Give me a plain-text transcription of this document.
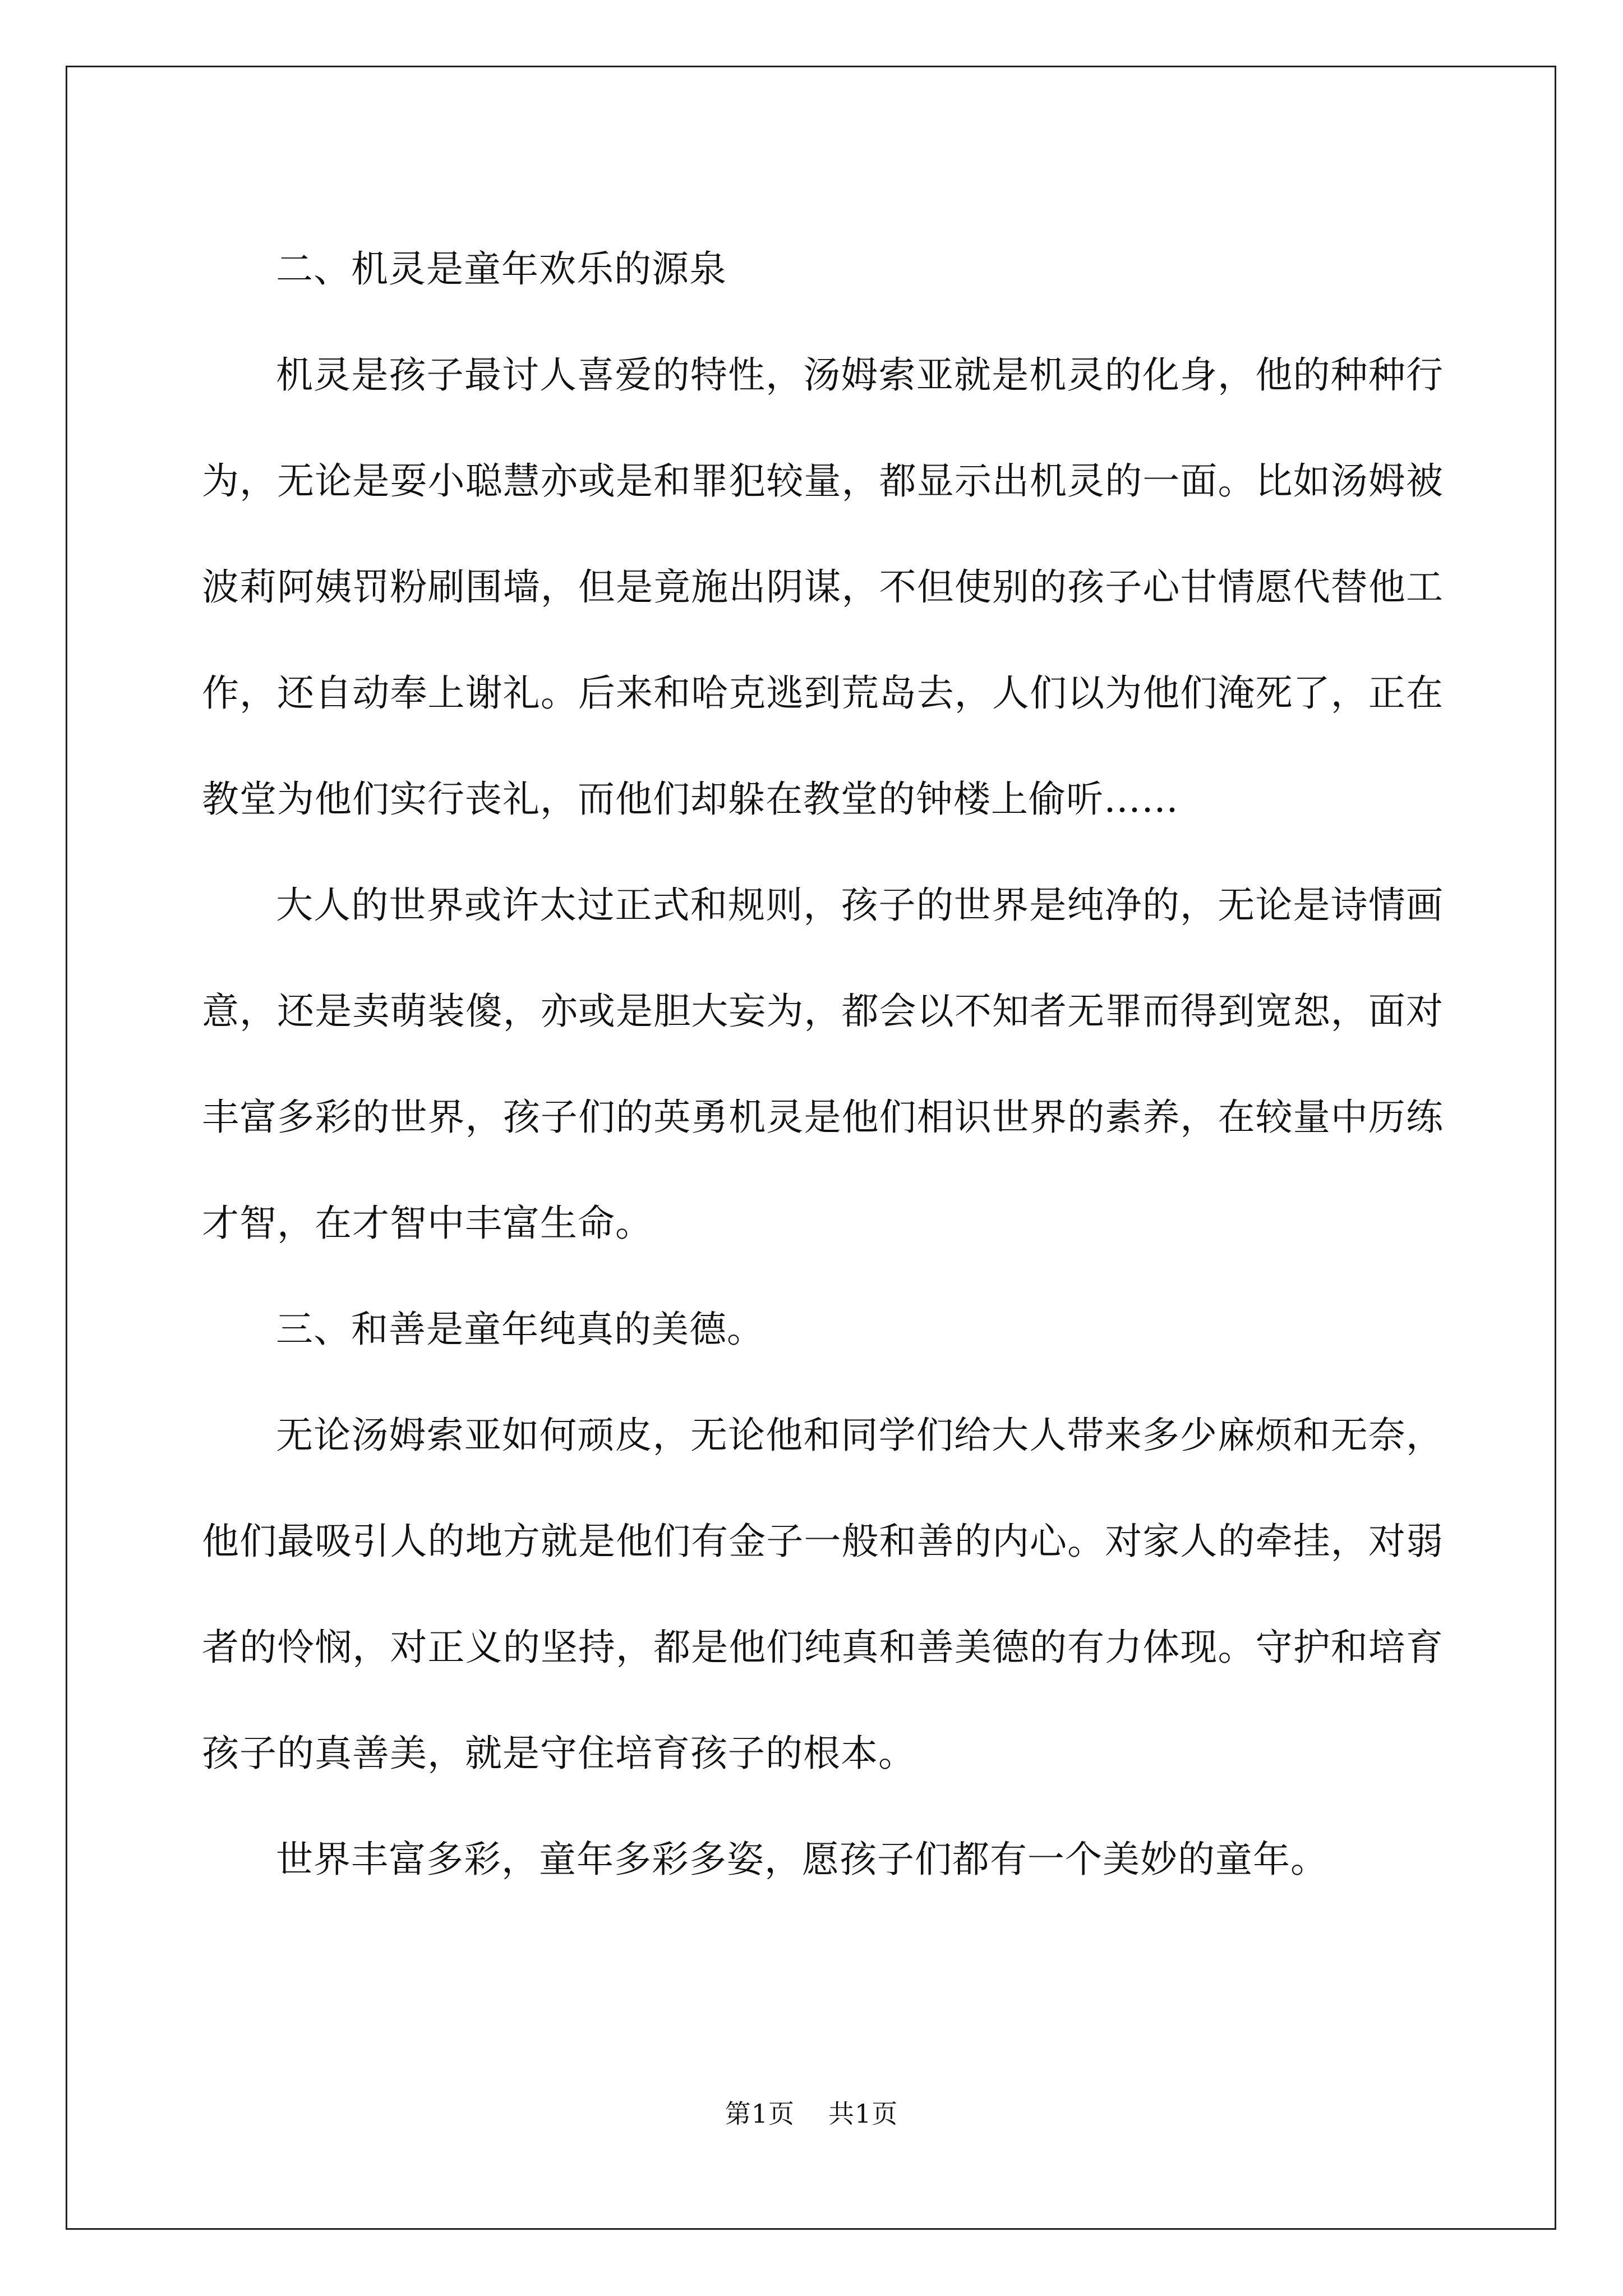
二、机灵是童年欢乐的源泉

机灵是孩子最讨人喜爱的特性，汤姆索亚就是机灵的化身，他的种种行为，无论是耍小聪慧亦或是和罪犯较量，都显示出机灵的一面。比如汤姆被波莉阿姨罚粉刷围墙，但是竟施出阴谋，不但使别的孩子心甘情愿代替他工作，还自动奉上谢礼。后来和哈克逃到荒岛去，人们以为他们淹死了，正在教堂为他们实行丧礼，而他们却躲在教堂的钟楼上偷听……

大人的世界或许太过正式和规则，孩子的世界是纯净的，无论是诗情画意，还是卖萌装傻，亦或是胆大妄为，都会以不知者无罪而得到宽恕，面对丰富多彩的世界，孩子们的英勇机灵是他们相识世界的素养，在较量中历练才智，在才智中丰富生命。

三、和善是童年纯真的美德。

无论汤姆索亚如何顽皮，无论他和同学们给大人带来多少麻烦和无奈，他们最吸引人的地方就是他们有金子一般和善的内心。对家人的牵挂，对弱者的怜悯，对正义的坚持，都是他们纯真和善美德的有力体现。守护和培育孩子的真善美，就是守住培育孩子的根本。

世界丰富多彩，童年多彩多姿，愿孩子们都有一个美妙的童年。

第1页 共1页
